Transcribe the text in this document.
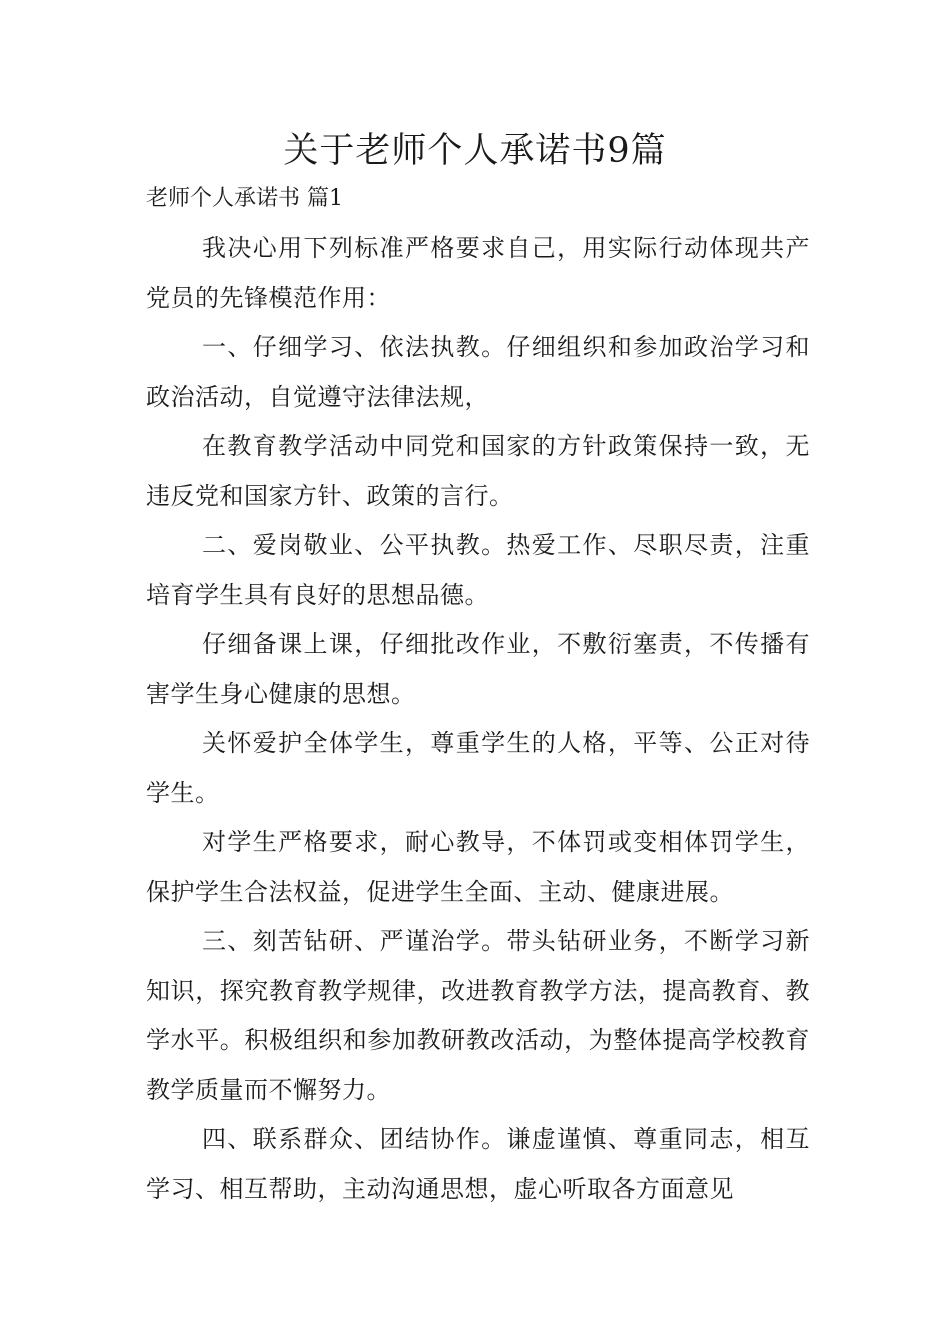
关于老师个人承诺书9篇
老师个人承诺书 篇1

我决心用下列标准严格要求自己，用实际行动体现共产党员的先锋模范作用：

一、仔细学习、依法执教。仔细组织和参加政治学习和政治活动，自觉遵守法律法规，

在教育教学活动中同党和国家的方针政策保持一致，无违反党和国家方针、政策的言行。

二、爱岗敬业、公平执教。热爱工作、尽职尽责，注重培育学生具有良好的思想品德。

仔细备课上课，仔细批改作业，不敷衍塞责，不传播有害学生身心健康的思想。

关怀爱护全体学生，尊重学生的人格，平等、公正对待学生。

对学生严格要求，耐心教导，不体罚或变相体罚学生，保护学生合法权益，促进学生全面、主动、健康进展。

三、刻苦钻研、严谨治学。带头钻研业务，不断学习新知识，探究教育教学规律，改进教育教学方法，提高教育、教学水平。积极组织和参加教研教改活动，为整体提高学校教育教学质量而不懈努力。

四、联系群众、团结协作。谦虚谨慎、尊重同志，相互学习、相互帮助，主动沟通思想，虚心听取各方面意见
